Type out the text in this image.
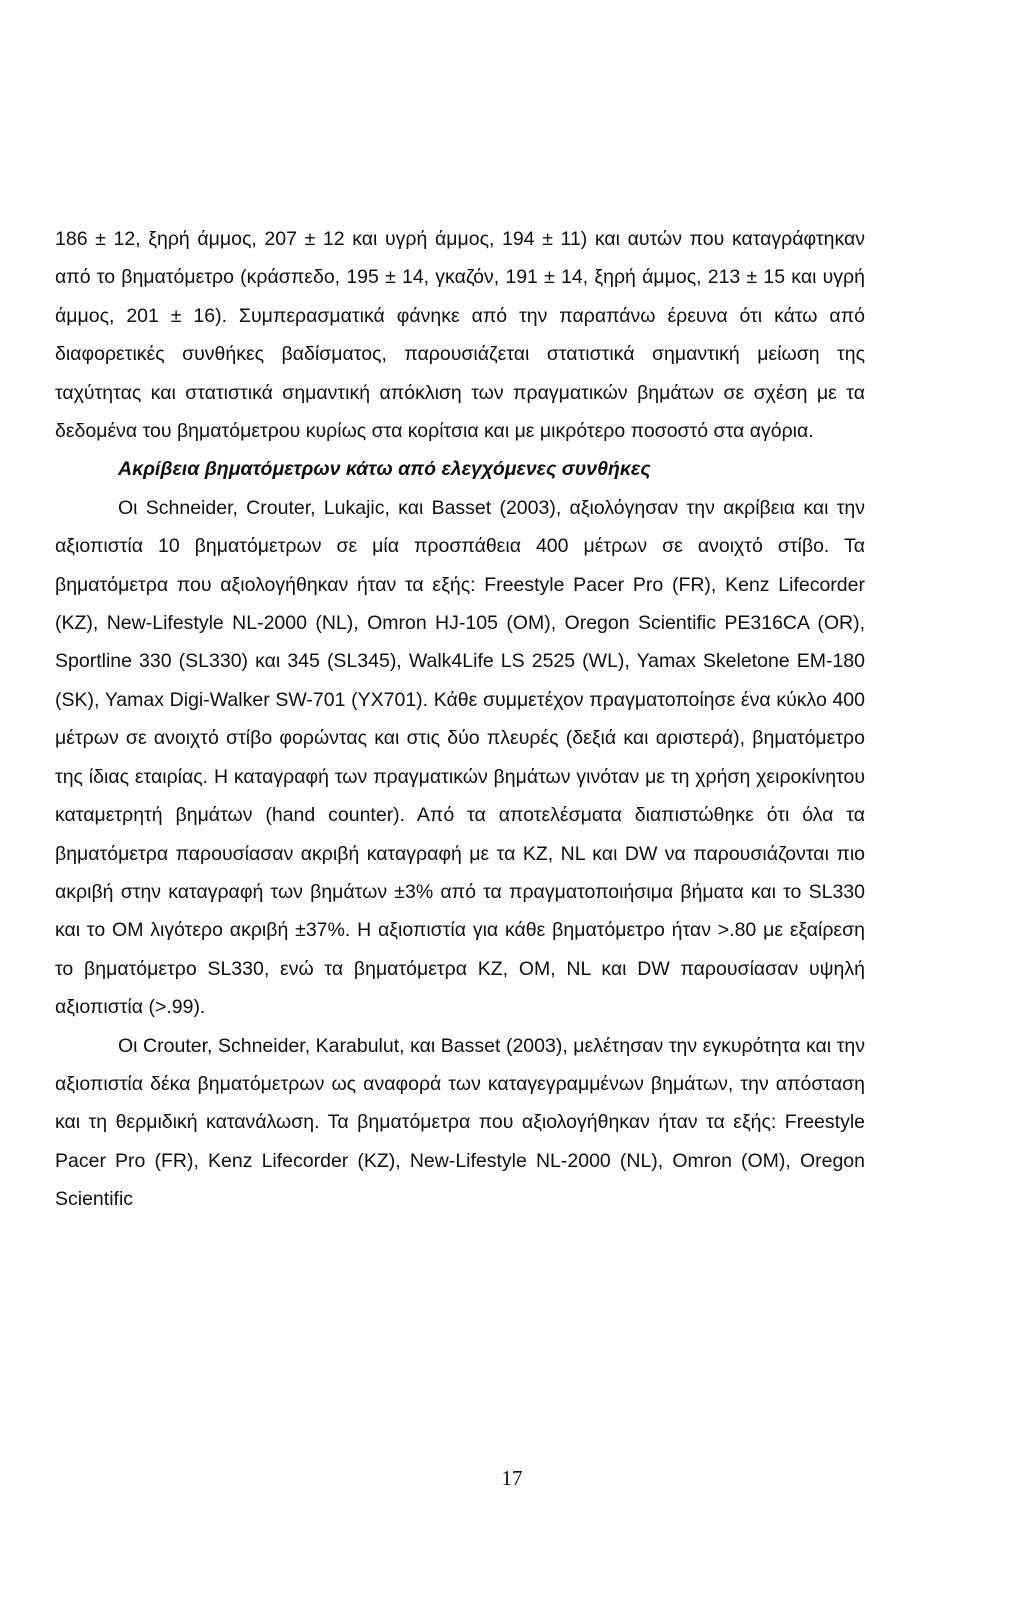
186 ± 12, ξηρή άμμος, 207 ± 12 και υγρή άμμος, 194 ± 11) και αυτών που καταγράφτηκαν από το βηματόμετρο (κράσπεδο, 195 ± 14, γκαζόν, 191 ± 14, ξηρή άμμος, 213 ± 15 και υγρή άμμος, 201 ± 16). Συμπερασματικά φάνηκε από την παραπάνω έρευνα ότι κάτω από διαφορετικές συνθήκες βαδίσματος, παρουσιάζεται στατιστικά σημαντική μείωση της ταχύτητας και στατιστικά σημαντική απόκλιση των πραγματικών βημάτων σε σχέση με τα δεδομένα του βηματόμετρου κυρίως στα κορίτσια και με μικρότερο ποσοστό στα αγόρια.

Ακρίβεια βηματόμετρων κάτω από ελεγχόμενες συνθήκες

Οι Schneider, Crouter, Lukajic, και Basset (2003), αξιολόγησαν την ακρίβεια και την αξιοπιστία 10 βηματόμετρων σε μία προσπάθεια 400 μέτρων σε ανοιχτό στίβο. Τα βηματόμετρα που αξιολογήθηκαν ήταν τα εξής: Freestyle Pacer Pro (FR), Kenz Lifecorder (KZ), New-Lifestyle NL-2000 (NL), Omron HJ-105 (OM), Oregon Scientific PE316CA (OR), Sportline 330 (SL330) και 345 (SL345), Walk4Life LS 2525 (WL), Yamax Skeletone EM-180 (SK), Yamax Digi-Walker SW-701 (YX701). Κάθε συμμετέχον πραγματοποίησε ένα κύκλο 400 μέτρων σε ανοιχτό στίβο φορώντας και στις δύο πλευρές (δεξιά και αριστερά), βηματόμετρο της ίδιας εταιρίας. Η καταγραφή των πραγματικών βημάτων γινόταν με τη χρήση χειροκίνητου καταμετρητή βημάτων (hand counter). Από τα αποτελέσματα διαπιστώθηκε ότι όλα τα βηματόμετρα παρουσίασαν ακριβή καταγραφή με τα KZ, NL και DW να παρουσιάζονται πιο ακριβή στην καταγραφή των βημάτων ±3% από τα πραγματοποιήσιμα βήματα και το SL330 και το OM λιγότερο ακριβή ±37%. Η αξιοπιστία για κάθε βηματόμετρο ήταν >.80 με εξαίρεση το βηματόμετρο SL330, ενώ τα βηματόμετρα KZ, OM, NL και DW παρουσίασαν υψηλή αξιοπιστία (>.99).

Οι Crouter, Schneider, Karabulut, και Basset (2003), μελέτησαν την εγκυρότητα και την αξιοπιστία δέκα βηματόμετρων ως αναφορά των καταγεγραμμένων βημάτων, την απόσταση και τη θερμιδική κατανάλωση. Τα βηματόμετρα που αξιολογήθηκαν ήταν τα εξής: Freestyle Pacer Pro (FR), Kenz Lifecorder (KZ), New-Lifestyle NL-2000 (NL), Omron (OM), Oregon Scientific

17
